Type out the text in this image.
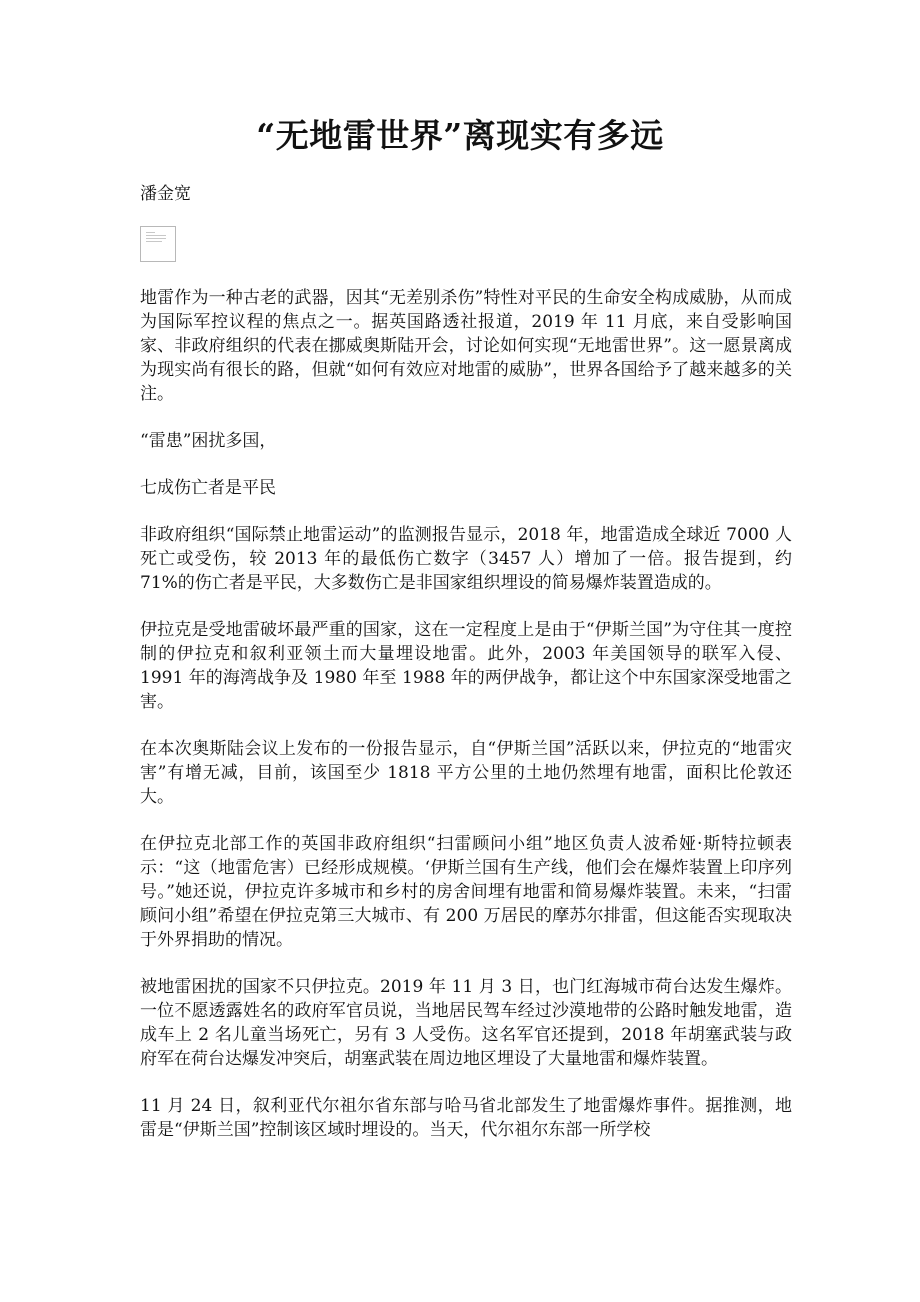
“无地雷世界”离现实有多远
潘金宽

地雷作为一种古老的武器，因其“无差别杀伤”特性对平民的生命安全构成威胁，从而成为国际军控议程的焦点之一。据英国路透社报道，2019 年 11 月底，来自受影响国家、非政府组织的代表在挪威奥斯陆开会，讨论如何实现“无地雷世界”。这一愿景离成为现实尚有很长的路，但就“如何有效应对地雷的威胁”，世界各国给予了越来越多的关注。

“雷患”困扰多国，

七成伤亡者是平民

非政府组织“国际禁止地雷运动”的监测报告显示，2018 年，地雷造成全球近 7000 人死亡或受伤，较 2013 年的最低伤亡数字（3457 人）增加了一倍。报告提到，约 71%的伤亡者是平民，大多数伤亡是非国家组织埋设的简易爆炸装置造成的。

伊拉克是受地雷破坏最严重的国家，这在一定程度上是由于“伊斯兰国”为守住其一度控制的伊拉克和叙利亚领土而大量埋设地雷。此外，2003 年美国领导的联军入侵、1991 年的海湾战争及 1980 年至 1988 年的两伊战争，都让这个中东国家深受地雷之害。

在本次奥斯陆会议上发布的一份报告显示，自“伊斯兰国”活跃以来，伊拉克的“地雷灾害”有增无减，目前，该国至少 1818 平方公里的土地仍然埋有地雷，面积比伦敦还大。

在伊拉克北部工作的英国非政府组织“扫雷顾问小组”地区负责人波希娅·斯特拉顿表示：“这（地雷危害）已经形成规模。‘伊斯兰国有生产线，他们会在爆炸装置上印序列号。”她还说，伊拉克许多城市和乡村的房舍间埋有地雷和简易爆炸装置。未来，“扫雷顾问小组”希望在伊拉克第三大城市、有 200 万居民的摩苏尔排雷，但这能否实现取决于外界捐助的情况。

被地雷困扰的国家不只伊拉克。2019 年 11 月 3 日，也门红海城市荷台达发生爆炸。一位不愿透露姓名的政府军官员说，当地居民驾车经过沙漠地带的公路时触发地雷，造成车上 2 名儿童当场死亡，另有 3 人受伤。这名军官还提到，2018 年胡塞武装与政府军在荷台达爆发冲突后，胡塞武装在周边地区埋设了大量地雷和爆炸装置。

11 月 24 日，叙利亚代尔祖尔省东部与哈马省北部发生了地雷爆炸事件。据推测，地雷是“伊斯兰国”控制该区域时埋设的。当天，代尔祖尔东部一所学校
